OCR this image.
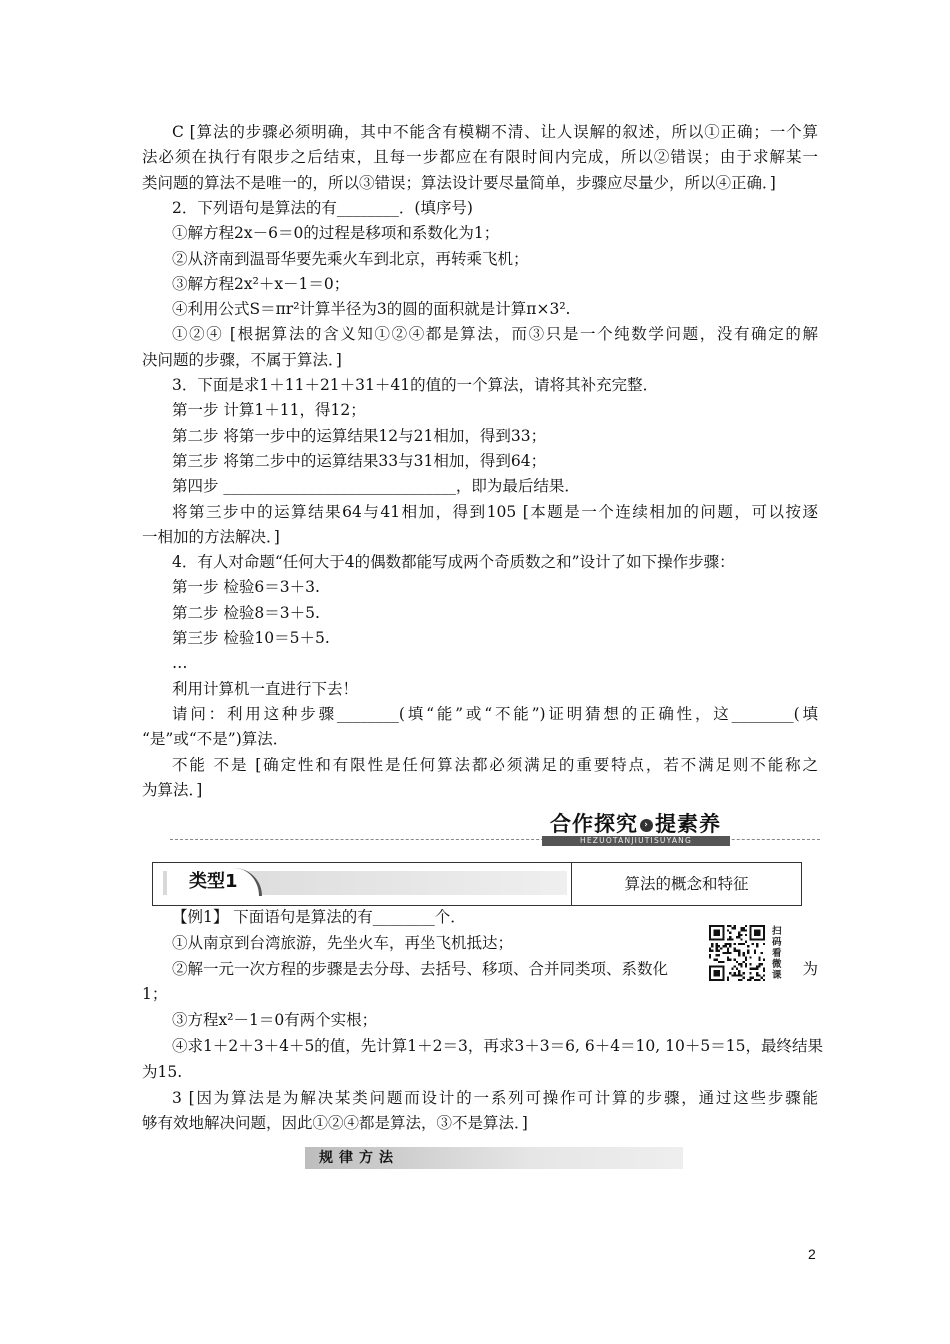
C [算法的步骤必须明确，其中不能含有模糊不清、让人误解的叙述，所以①正确；一个算
法必须在执行有限步之后结束，且每一步都应在有限时间内完成，所以②错误；由于求解某一
类问题的算法不是唯一的，所以③错误；算法设计要尽量简单，步骤应尽量少，所以④正确．]
2．下列语句是算法的有________．(填序号)
①解方程2x－6＝0的过程是移项和系数化为1；
②从济南到温哥华要先乘火车到北京，再转乘飞机；
③解方程2x²＋x－1＝0；
④利用公式S＝πr²计算半径为3的圆的面积就是计算π×3².
①②④ [根据算法的含义知①②④都是算法，而③只是一个纯数学问题，没有确定的解
决问题的步骤，不属于算法．]
3．下面是求1＋11＋21＋31＋41的值的一个算法，请将其补充完整．
第一步 计算1＋11，得12；
第二步 将第一步中的运算结果12与21相加，得到33；
第三步 将第二步中的运算结果33与31相加，得到64；
第四步 ______________________________，即为最后结果．
将第三步中的运算结果64与41相加，得到105 [本题是一个连续相加的问题，可以按逐
一相加的方法解决．]
4．有人对命题“任何大于4的偶数都能写成两个奇质数之和”设计了如下操作步骤：
第一步 检验6＝3＋3.
第二步 检验8＝3＋5.
第三步 检验10＝5＋5.
…
利用计算机一直进行下去！
请问：利用这种步骤________(填“能”或“不能”)证明猜想的正确性，这________(填
“是”或“不是”)算法．
不能 不是 [确定性和有限性是任何算法都必须满足的重要特点，若不满足则不能称之
为算法．]
合作探究 › 提素养
HEZUOTANJIUTISUYANG
类型1	算法的概念和特征
【例1】 下面语句是算法的有________个．
①从南京到台湾旅游，先坐火车，再坐飞机抵达；
②解一元一次方程的步骤是去分母、去括号、移项、合并同类项、系数化	为
1；
③方程x²－1＝0有两个实根；
④求1＋2＋3＋4＋5的值，先计算1＋2＝3，再求3＋3＝6, 6＋4＝10, 10＋5＝15，最终结果
为15.
3 [因为算法是为解决某类问题而设计的一系列可操作可计算的步骤，通过这些步骤能
够有效地解决问题，因此①②④都是算法，③不是算法．]
扫码看微课
规律方法
2
